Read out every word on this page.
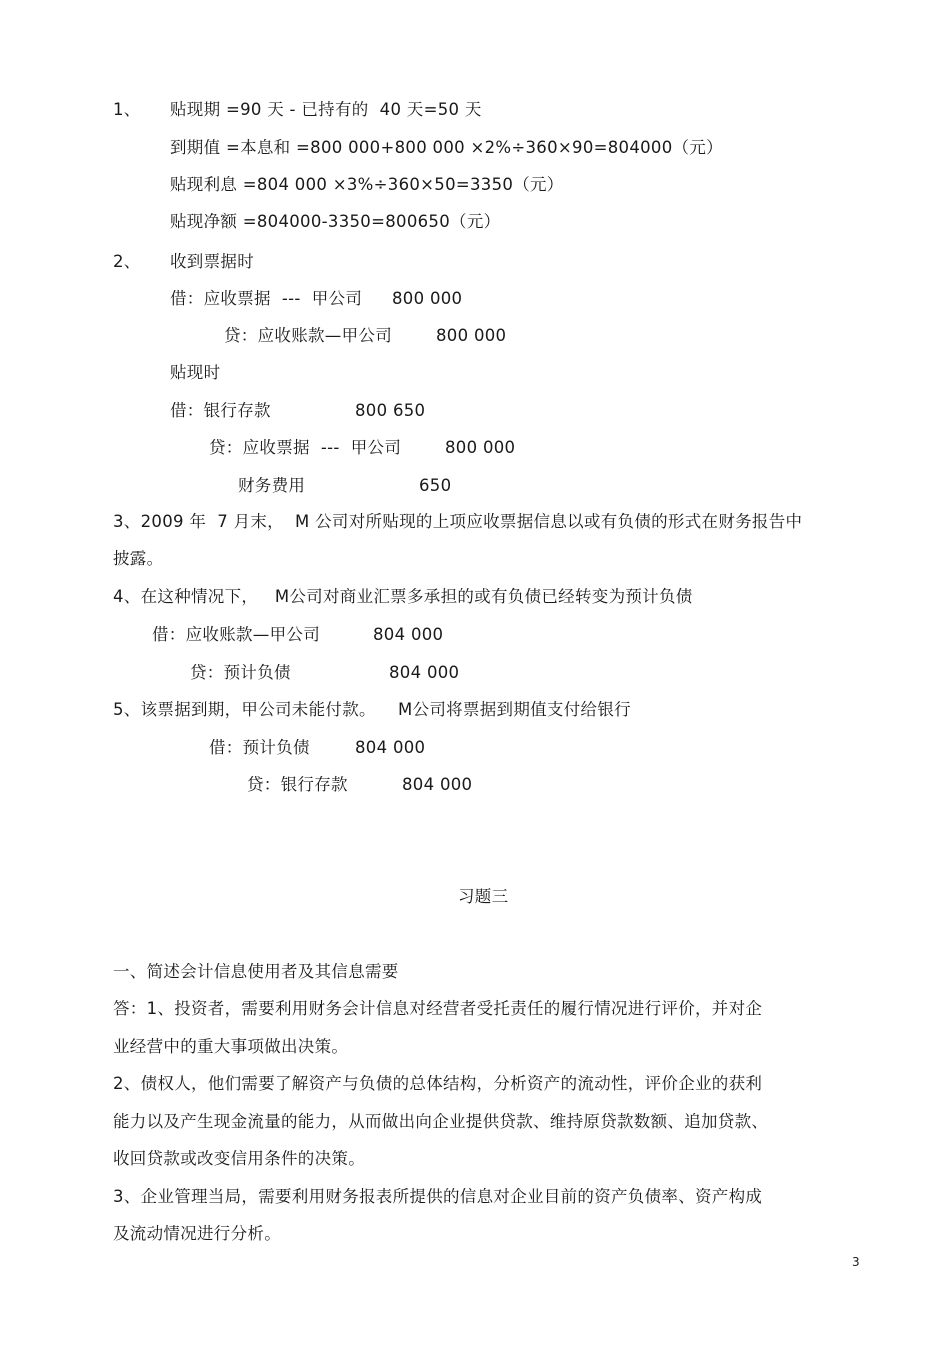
1、 贴现期 =90 天 - 已持有的  40 天=50 天
到期值 =本息和 =800 000+800 000 ×2%÷360×90=804000（元）
贴现利息 =804 000 ×3%÷360×50=3350（元）
贴现净额 =804000-3350=800650（元）
2、 收到票据时
借：应收票据  ---  甲公司 800 000
贷：应收账款—甲公司	800 000
贴现时
借：银行存款	800 650
贷：应收票据  ---  甲公司	800 000
财务费用	650
3、2009 年  7 月末，  M 公司对所贴现的上项应收票据信息以或有负债的形式在财务报告中
披露。
4、在这种情况下，   M公司对商业汇票多承担的或有负债已经转变为预计负债
借：应收账款—甲公司	804 000
贷：预计负债	804 000
5、该票据到期，甲公司未能付款。    M公司将票据到期值支付给银行
借：预计负债	804 000
贷：银行存款	804 000
习题三
一、简述会计信息使用者及其信息需要
答：1、投资者，需要利用财务会计信息对经营者受托责任的履行情况进行评价，并对企
业经营中的重大事项做出决策。
2、债权人，他们需要了解资产与负债的总体结构，分析资产的流动性，评价企业的获利
能力以及产生现金流量的能力，从而做出向企业提供贷款、维持原贷款数额、追加贷款、
收回贷款或改变信用条件的决策。
3、企业管理当局，需要利用财务报表所提供的信息对企业目前的资产负债率、资产构成
及流动情况进行分析。
3
